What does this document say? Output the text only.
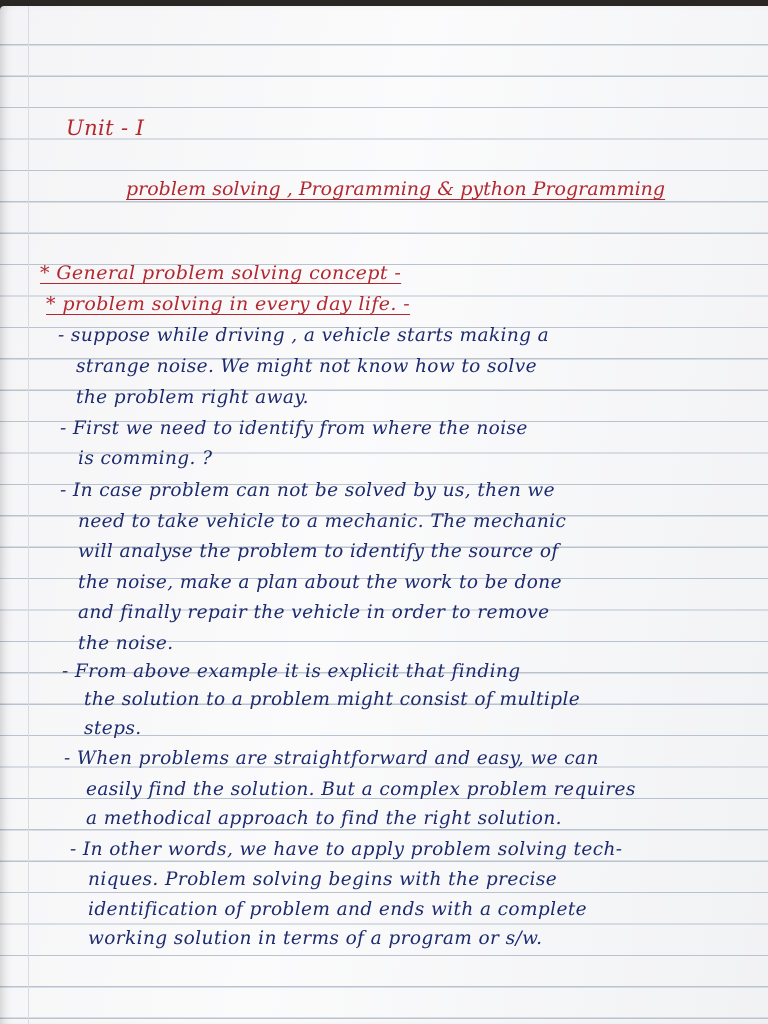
Unit - I
problem solving , Programming & python Programming
* General problem solving concept -
* problem solving in every day life. -
- suppose while driving , a vehicle starts making a
strange noise. We might not know how to solve
the problem right away.
- First we need to identify from where the noise
is comming. ?
- In case problem can not be solved by us, then we
need to take vehicle to a mechanic. The mechanic
will analyse the problem to identify the source of
the noise, make a plan about the work to be done
and finally repair the vehicle in order to remove
the noise.
- From above example it is explicit that finding
the solution to a problem might consist of multiple
steps.
- When problems are straightforward and easy, we can
easily find the solution. But a complex problem requires
a methodical approach to find the right solution.
- In other words, we have to apply problem solving tech-
niques. Problem solving begins with the precise
identification of problem and ends with a complete
working solution in terms of a program or s/w.
